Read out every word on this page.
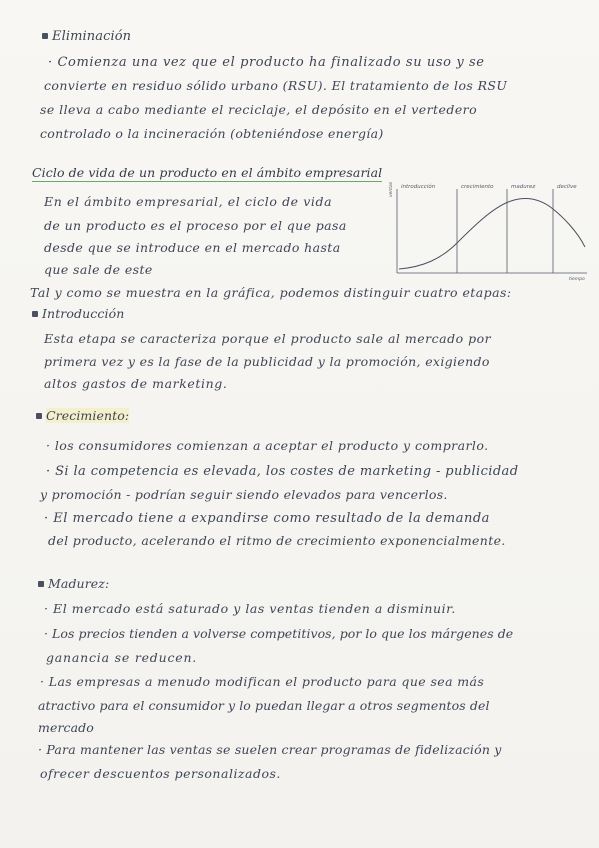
Eliminación
· Comienza una vez que el producto ha finalizado su uso y se
convierte en residuo sólido urbano (RSU). El tratamiento de los RSU
se lleva a cabo mediante el reciclaje, el depósito en el vertedero
controlado o la incineración (obteniéndose energía)
Ciclo de vida de un producto en el ámbito empresarial
En el ámbito empresarial, el ciclo de vida
de un producto es el proceso por el que pasa
desde que se introduce en el mercado hasta
que sale de este
introducción	crecimiento	madurez	declive
ventas
tiempo
Tal y como se muestra en la gráfica, podemos distinguir cuatro etapas:
Introducción
Esta etapa se caracteriza porque el producto sale al mercado por
primera vez y es la fase de la publicidad y la promoción, exigiendo
altos gastos de marketing.
Crecimiento:
· los consumidores comienzan a aceptar el producto y comprarlo.
· Si la competencia es elevada, los costes de marketing - publicidad
y promoción - podrían seguir siendo elevados para vencerlos.
· El mercado tiene a expandirse como resultado de la demanda
del producto, acelerando el ritmo de crecimiento exponencialmente.
Madurez:
· El mercado está saturado y las ventas tienden a disminuir.
· Los precios tienden a volverse competitivos, por lo que los márgenes de
ganancia se reducen.
· Las empresas a menudo modifican el producto para que sea más
atractivo para el consumidor y lo puedan llegar a otros segmentos del
mercado
· Para mantener las ventas se suelen crear programas de fidelización y
ofrecer descuentos personalizados.
